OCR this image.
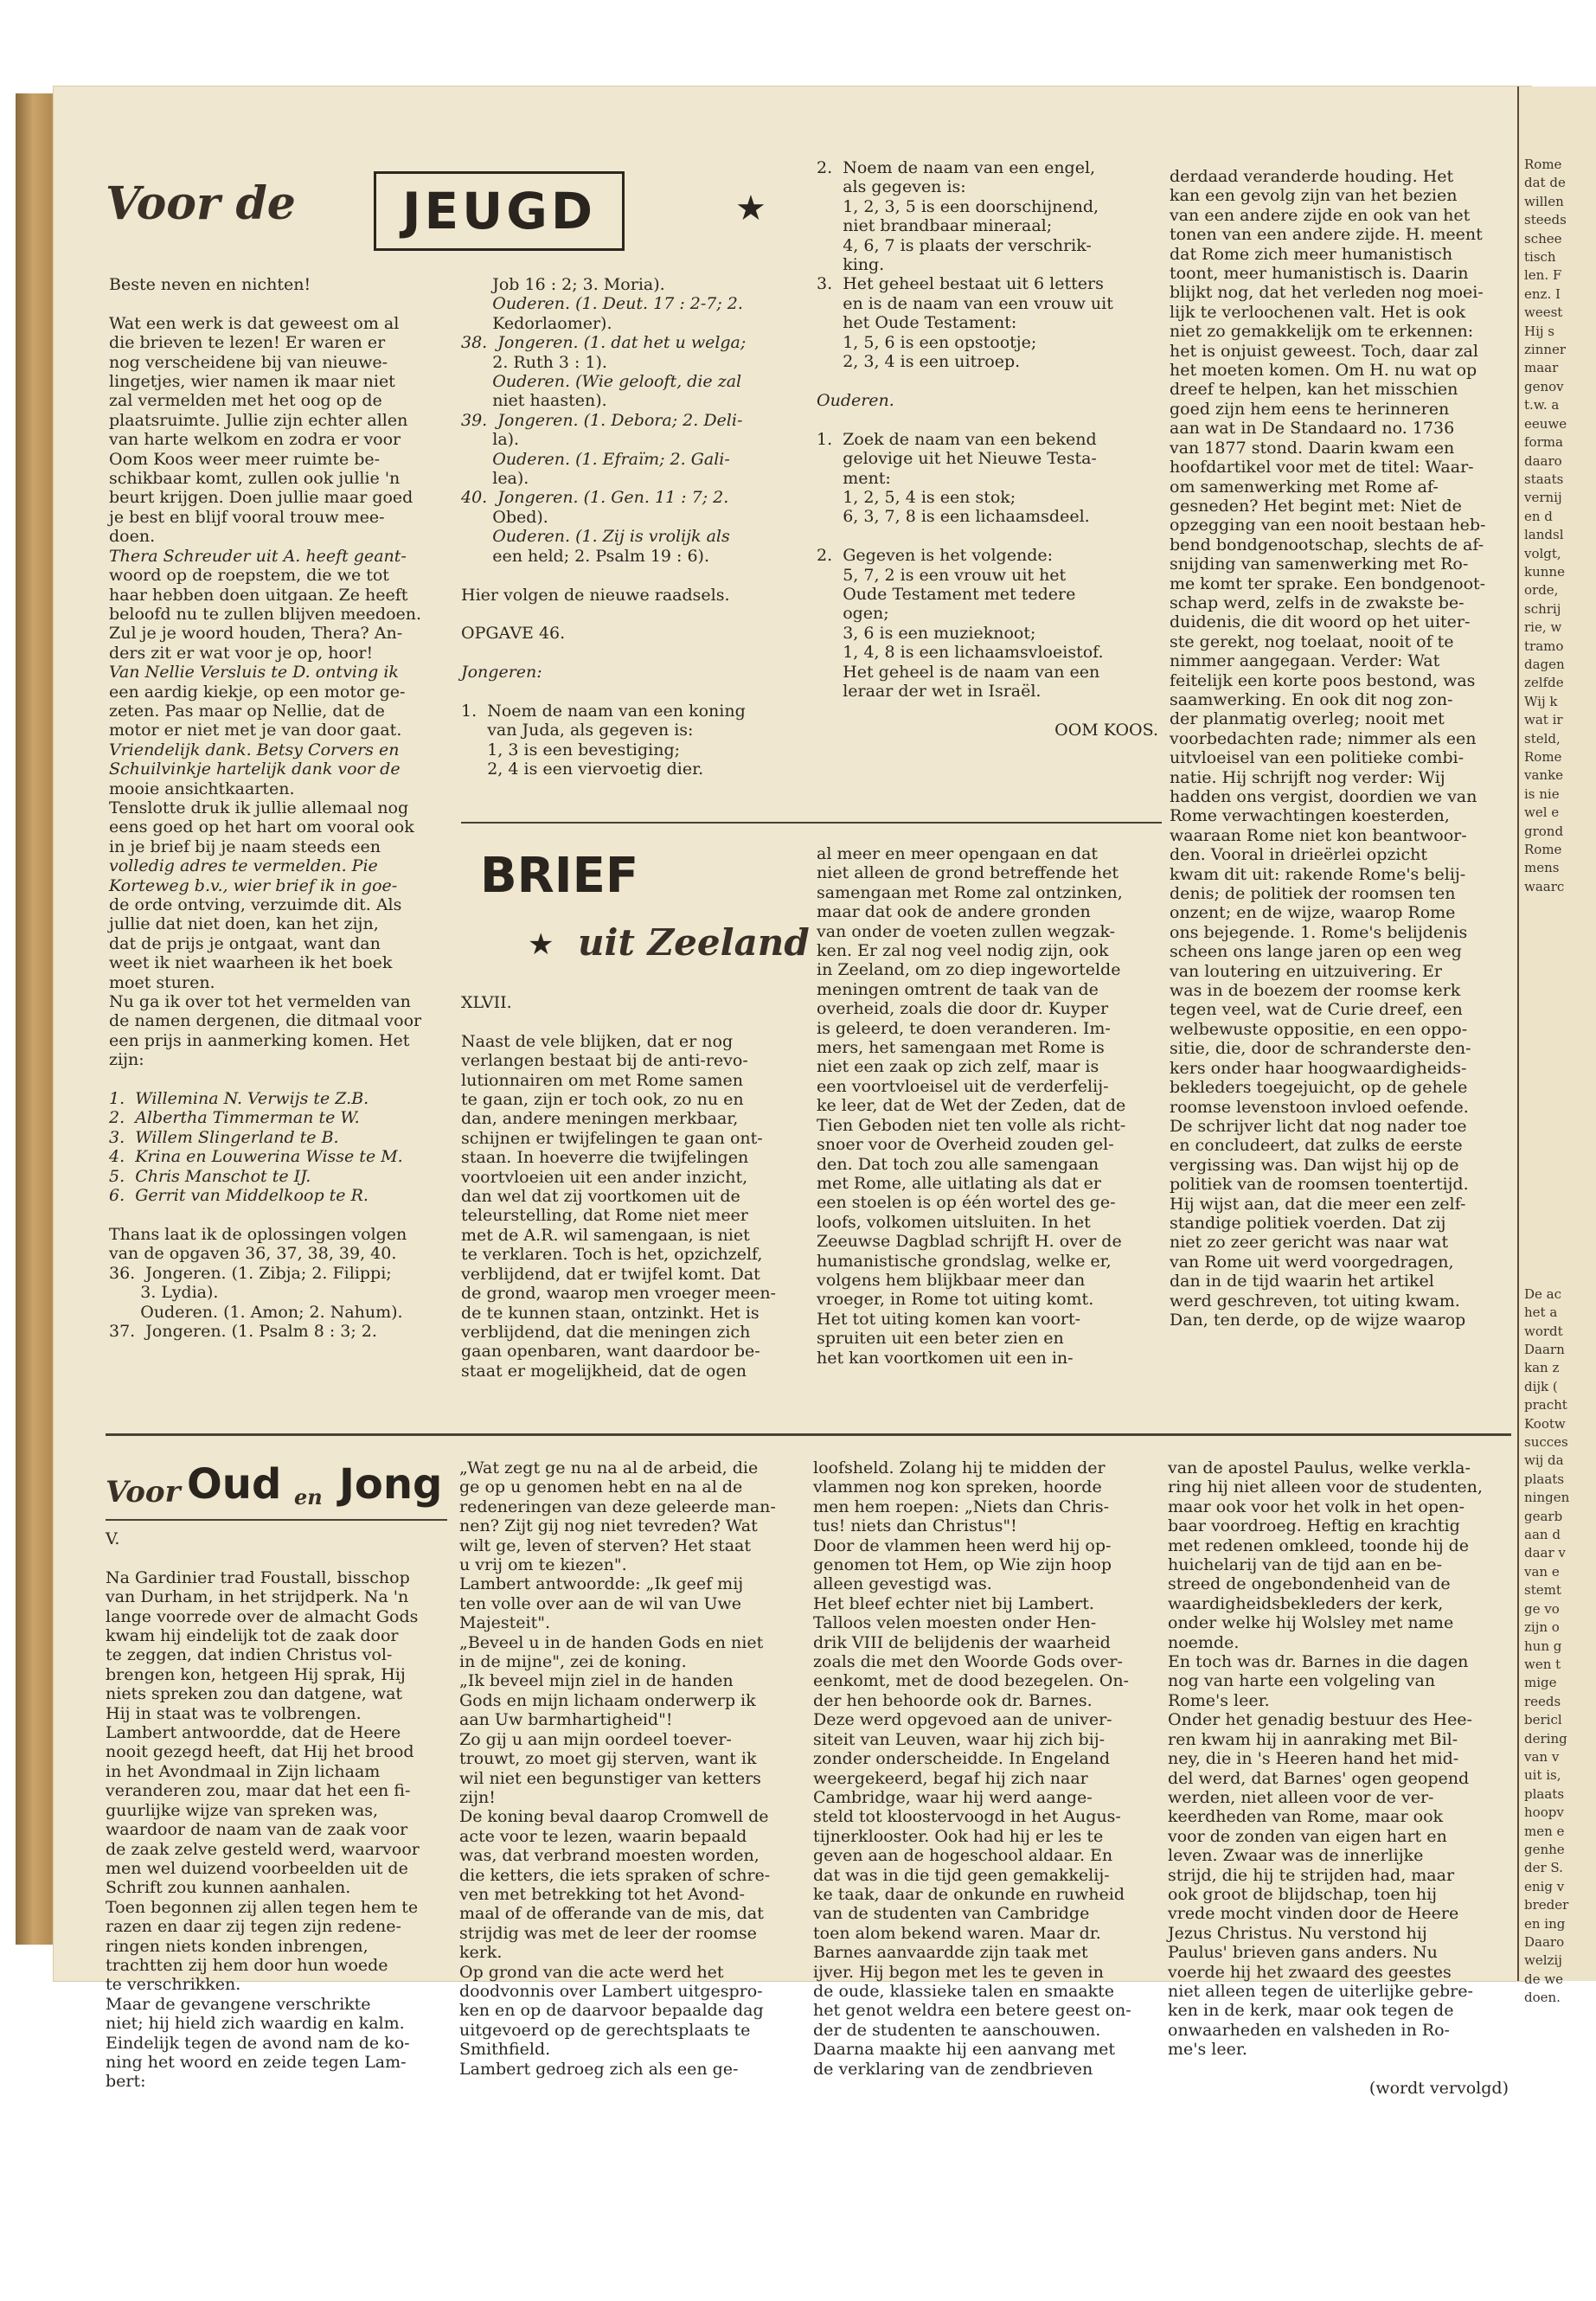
Rome

dat de

willen

steeds

schee

tisch

len. F

enz. I

weest

Hij s

zinner

maar

genov

t.w. a

eeuwe

forma

daaro

staats

vernij

en d

landsl

volgt,

kunne

orde,

schrij

rie, w

tramo

dagen

zelfde

Wij k

wat ir

steld,

Rome

vanke

is nie

wel e

grond

Rome

mens

waarc

De ac

het a

wordt

Daarn

kan z

dijk (

pracht

Kootw

succes

wij da

plaats

ningen

gearb

aan d

daar v

van e

stemt

ge vo

zijn o

hun g

wen t

mige

reeds

bericl

dering

van v

uit is,

plaats

hoopv

men e

genhe

der S.

enig v

breder

en ing

Daaro

welzij

de we

doen.

Voor de JEUGD	★

Beste neven en nichten!

Wat een werk is dat geweest om al

die brieven te lezen! Er waren er

nog verscheidene bij van nieuwe-

lingetjes, wier namen ik maar niet

zal vermelden met het oog op de

plaatsruimte. Jullie zijn echter allen

van harte welkom en zodra er voor

Oom Koos weer meer ruimte be-

schikbaar komt, zullen ook jullie 'n

beurt krijgen. Doen jullie maar goed

je best en blijf vooral trouw mee-

doen.

Thera Schreuder uit A. heeft geant-

woord op de roepstem, die we tot

haar hebben doen uitgaan. Ze heeft

beloofd nu te zullen blijven meedoen.

Zul je je woord houden, Thera? An-

ders zit er wat voor je op, hoor!

Van Nellie Versluis te D. ontving ik

een aardig kiekje, op een motor ge-

zeten. Pas maar op Nellie, dat de

motor er niet met je van door gaat.

Vriendelijk dank. Betsy Corvers en

Schuilvinkje hartelijk dank voor de

mooie ansichtkaarten.

Tenslotte druk ik jullie allemaal nog

eens goed op het hart om vooral ook

in je brief bij je naam steeds een

volledig adres te vermelden. Pie

Korteweg b.v., wier brief ik in goe-

de orde ontving, verzuimde dit. Als

jullie dat niet doen, kan het zijn,

dat de prijs je ontgaat, want dan

weet ik niet waarheen ik het boek

moet sturen.

Nu ga ik over tot het vermelden van

de namen dergenen, die ditmaal voor

een prijs in aanmerking komen. Het

zijn:

1.  Willemina N. Verwijs te Z.B.

2.  Albertha Timmerman te W.

3.  Willem Slingerland te B.

4.  Krina en Louwerina Wisse te M.

5.  Chris Manschot te IJ.

6.  Gerrit van Middelkoop te R.

Thans laat ik de oplossingen volgen

van de opgaven 36, 37, 38, 39, 40.

36.  Jongeren. (1. Zibja; 2. Filippi;

3. Lydia).

Ouderen. (1. Amon; 2. Nahum).

37.  Jongeren. (1. Psalm 8 : 3; 2.

Job 16 : 2; 3. Moria).

Ouderen. (1. Deut. 17 : 2-7; 2.

Kedorlaomer).

38.  Jongeren. (1. dat het u welga;

2. Ruth 3 : 1).

Ouderen. (Wie gelooft, die zal

niet haasten).

39.  Jongeren. (1. Debora; 2. Deli-

la).

Ouderen. (1. Efraïm; 2. Gali-

lea).

40.  Jongeren. (1. Gen. 11 : 7; 2.

Obed).

Ouderen. (1. Zij is vrolijk als

een held; 2. Psalm 19 : 6).

Hier volgen de nieuwe raadsels.

OPGAVE 46.

Jongeren:

1.  Noem de naam van een koning

van Juda, als gegeven is:

1, 3 is een bevestiging;

2, 4 is een viervoetig dier.

2.  Noem de naam van een engel,

als gegeven is:

1, 2, 3, 5 is een doorschijnend,

niet brandbaar mineraal;

4, 6, 7 is plaats der verschrik-

king.

3.  Het geheel bestaat uit 6 letters

en is de naam van een vrouw uit

het Oude Testament:

1, 5, 6 is een opstootje;

2, 3, 4 is een uitroep.

Ouderen.

1.  Zoek de naam van een bekend

gelovige uit het Nieuwe Testa-

ment:

1, 2, 5, 4 is een stok;

6, 3, 7, 8 is een lichaamsdeel.

2.  Gegeven is het volgende:

5, 7, 2 is een vrouw uit het

Oude Testament met tedere

ogen;

3, 6 is een muzieknoot;

1, 4, 8 is een lichaamsvloeistof.

Het geheel is de naam van een

leraar der wet in Israël.

OOM KOOS.

BRIEF
★ uit Zeeland

XLVII.

Naast de vele blijken, dat er nog

verlangen bestaat bij de anti-revo-

lutionnairen om met Rome samen

te gaan, zijn er toch ook, zo nu en

dan, andere meningen merkbaar,

schijnen er twijfelingen te gaan ont-

staan. In hoeverre die twijfelingen

voortvloeien uit een ander inzicht,

dan wel dat zij voortkomen uit de

teleurstelling, dat Rome niet meer

met de A.R. wil samengaan, is niet

te verklaren. Toch is het, opzichzelf,

verblijdend, dat er twijfel komt. Dat

de grond, waarop men vroeger meen-

de te kunnen staan, ontzinkt. Het is

verblijdend, dat die meningen zich

gaan openbaren, want daardoor be-

staat er mogelijkheid, dat de ogen

al meer en meer opengaan en dat

niet alleen de grond betreffende het

samengaan met Rome zal ontzinken,

maar dat ook de andere gronden

van onder de voeten zullen wegzak-

ken. Er zal nog veel nodig zijn, ook

in Zeeland, om zo diep ingewortelde

meningen omtrent de taak van de

overheid, zoals die door dr. Kuyper

is geleerd, te doen veranderen. Im-

mers, het samengaan met Rome is

niet een zaak op zich zelf, maar is

een voortvloeisel uit de verderfelij-

ke leer, dat de Wet der Zeden, dat de

Tien Geboden niet ten volle als richt-

snoer voor de Overheid zouden gel-

den. Dat toch zou alle samengaan

met Rome, alle uitlating als dat er

een stoelen is op één wortel des ge-

loofs, volkomen uitsluiten. In het

Zeeuwse Dagblad schrijft H. over de

humanistische grondslag, welke er,

volgens hem blijkbaar meer dan

vroeger, in Rome tot uiting komt.

Het tot uiting komen kan voort-

spruiten uit een beter zien en

het kan voortkomen uit een in-

derdaad veranderde houding. Het

kan een gevolg zijn van het bezien

van een andere zijde en ook van het

tonen van een andere zijde. H. meent

dat Rome zich meer humanistisch

toont, meer humanistisch is. Daarin

blijkt nog, dat het verleden nog moei-

lijk te verloochenen valt. Het is ook

niet zo gemakkelijk om te erkennen:

het is onjuist geweest. Toch, daar zal

het moeten komen. Om H. nu wat op

dreef te helpen, kan het misschien

goed zijn hem eens te herinneren

aan wat in De Standaard no. 1736

van 1877 stond. Daarin kwam een

hoofdartikel voor met de titel: Waar-

om samenwerking met Rome af-

gesneden? Het begint met: Niet de

opzegging van een nooit bestaan heb-

bend bondgenootschap, slechts de af-

snijding van samenwerking met Ro-

me komt ter sprake. Een bondgenoot-

schap werd, zelfs in de zwakste be-

duidenis, die dit woord op het uiter-

ste gerekt, nog toelaat, nooit of te

nimmer aangegaan. Verder: Wat

feitelijk een korte poos bestond, was

saamwerking. En ook dit nog zon-

der planmatig overleg; nooit met

voorbedachten rade; nimmer als een

uitvloeisel van een politieke combi-

natie. Hij schrijft nog verder: Wij

hadden ons vergist, doordien we van

Rome verwachtingen koesterden,

waaraan Rome niet kon beantwoor-

den. Vooral in drieërlei opzicht

kwam dit uit: rakende Rome's belij-

denis; de politiek der roomsen ten

onzent; en de wijze, waarop Rome

ons bejegende. 1. Rome's belijdenis

scheen ons lange jaren op een weg

van loutering en uitzuivering. Er

was in de boezem der roomse kerk

tegen veel, wat de Curie dreef, een

welbewuste oppositie, en een oppo-

sitie, die, door de schranderste den-

kers onder haar hoogwaardigheids-

bekleders toegejuicht, op de gehele

roomse levenstoon invloed oefende.

De schrijver licht dat nog nader toe

en concludeert, dat zulks de eerste

vergissing was. Dan wijst hij op de

politiek van de roomsen toentertijd.

Hij wijst aan, dat die meer een zelf-

standige politiek voerden. Dat zij

niet zo zeer gericht was naar wat

van Rome uit werd voorgedragen,

dan in de tijd waarin het artikel

werd geschreven, tot uiting kwam.

Dan, ten derde, op de wijze waarop

Voor Oud en Jong

V.

Na Gardinier trad Foustall, bisschop

van Durham, in het strijdperk. Na 'n

lange voorrede over de almacht Gods

kwam hij eindelijk tot de zaak door

te zeggen, dat indien Christus vol-

brengen kon, hetgeen Hij sprak, Hij

niets spreken zou dan datgene, wat

Hij in staat was te volbrengen.

Lambert antwoordde, dat de Heere

nooit gezegd heeft, dat Hij het brood

in het Avondmaal in Zijn lichaam

veranderen zou, maar dat het een fi-

guurlijke wijze van spreken was,

waardoor de naam van de zaak voor

de zaak zelve gesteld werd, waarvoor

men wel duizend voorbeelden uit de

Schrift zou kunnen aanhalen.

Toen begonnen zij allen tegen hem te

razen en daar zij tegen zijn redene-

ringen niets konden inbrengen,

trachtten zij hem door hun woede

te verschrikken.

Maar de gevangene verschrikte

niet; hij hield zich waardig en kalm.

Eindelijk tegen de avond nam de ko-

ning het woord en zeide tegen Lam-

bert:

„Wat zegt ge nu na al de arbeid, die

ge op u genomen hebt en na al de

redeneringen van deze geleerde man-

nen? Zijt gij nog niet tevreden? Wat

wilt ge, leven of sterven? Het staat

u vrij om te kiezen".

Lambert antwoordde: „Ik geef mij

ten volle over aan de wil van Uwe

Majesteit".

„Beveel u in de handen Gods en niet

in de mijne", zei de koning.

„Ik beveel mijn ziel in de handen

Gods en mijn lichaam onderwerp ik

aan Uw barmhartigheid"!

Zo gij u aan mijn oordeel toever-

trouwt, zo moet gij sterven, want ik

wil niet een begunstiger van ketters

zijn!

De koning beval daarop Cromwell de

acte voor te lezen, waarin bepaald

was, dat verbrand moesten worden,

die ketters, die iets spraken of schre-

ven met betrekking tot het Avond-

maal of de offerande van de mis, dat

strijdig was met de leer der roomse

kerk.

Op grond van die acte werd het

doodvonnis over Lambert uitgespro-

ken en op de daarvoor bepaalde dag

uitgevoerd op de gerechtsplaats te

Smithfield.

Lambert gedroeg zich als een ge-

loofsheld. Zolang hij te midden der

vlammen nog kon spreken, hoorde

men hem roepen: „Niets dan Chris-

tus! niets dan Christus"!

Door de vlammen heen werd hij op-

genomen tot Hem, op Wie zijn hoop

alleen gevestigd was.

Het bleef echter niet bij Lambert.

Talloos velen moesten onder Hen-

drik VIII de belijdenis der waarheid

zoals die met den Woorde Gods over-

eenkomt, met de dood bezegelen. On-

der hen behoorde ook dr. Barnes.

Deze werd opgevoed aan de univer-

siteit van Leuven, waar hij zich bij-

zonder onderscheidde. In Engeland

weergekeerd, begaf hij zich naar

Cambridge, waar hij werd aange-

steld tot kloostervoogd in het Augus-

tijnerklooster. Ook had hij er les te

geven aan de hogeschool aldaar. En

dat was in die tijd geen gemakkelij-

ke taak, daar de onkunde en ruwheid

van de studenten van Cambridge

toen alom bekend waren. Maar dr.

Barnes aanvaardde zijn taak met

ijver. Hij begon met les te geven in

de oude, klassieke talen en smaakte

het genot weldra een betere geest on-

der de studenten te aanschouwen.

Daarna maakte hij een aanvang met

de verklaring van de zendbrieven

van de apostel Paulus, welke verkla-

ring hij niet alleen voor de studenten,

maar ook voor het volk in het open-

baar voordroeg. Heftig en krachtig

met redenen omkleed, toonde hij de

huichelarij van de tijd aan en be-

streed de ongebondenheid van de

waardigheidsbekleders der kerk,

onder welke hij Wolsley met name

noemde.

En toch was dr. Barnes in die dagen

nog van harte een volgeling van

Rome's leer.

Onder het genadig bestuur des Hee-

ren kwam hij in aanraking met Bil-

ney, die in 's Heeren hand het mid-

del werd, dat Barnes' ogen geopend

werden, niet alleen voor de ver-

keerdheden van Rome, maar ook

voor de zonden van eigen hart en

leven. Zwaar was de innerlijke

strijd, die hij te strijden had, maar

ook groot de blijdschap, toen hij

vrede mocht vinden door de Heere

Jezus Christus. Nu verstond hij

Paulus' brieven gans anders. Nu

voerde hij het zwaard des geestes

niet alleen tegen de uiterlijke gebre-

ken in de kerk, maar ook tegen de

onwaarheden en valsheden in Ro-

me's leer.

(wordt vervolgd)
